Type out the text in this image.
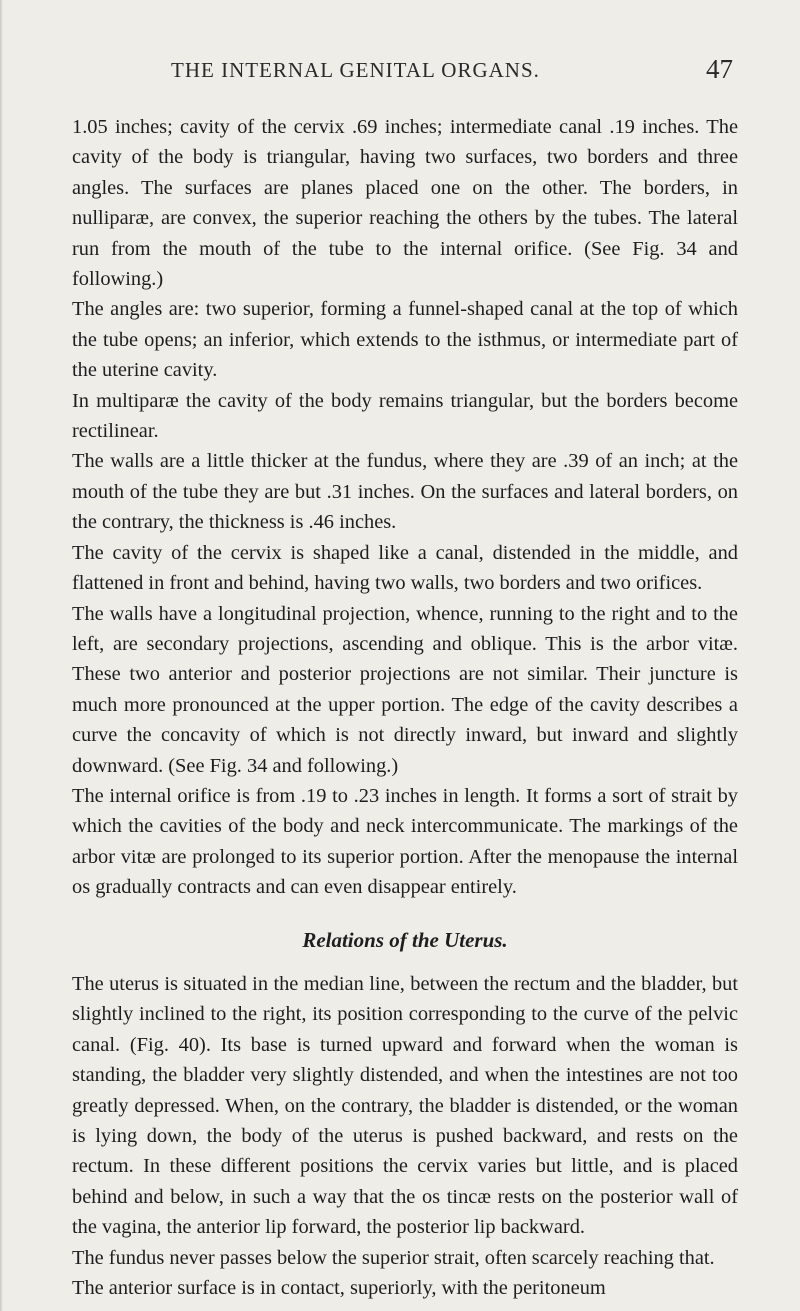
THE INTERNAL GENITAL ORGANS.	47

1.05 inches; cavity of the cervix .69 inches; intermediate canal .19 inches. The cavity of the body is triangular, having two surfaces, two borders and three angles. The surfaces are planes placed one on the other. The borders, in nulliparæ, are convex, the superior reaching the others by the tubes. The lateral run from the mouth of the tube to the internal orifice. (See Fig. 34 and following.)

The angles are: two superior, forming a funnel-shaped canal at the top of which the tube opens; an inferior, which extends to the isthmus, or intermediate part of the uterine cavity.

In multiparæ the cavity of the body remains triangular, but the borders become rectilinear.

The walls are a little thicker at the fundus, where they are .39 of an inch; at the mouth of the tube they are but .31 inches. On the surfaces and lateral borders, on the contrary, the thickness is .46 inches.

The cavity of the cervix is shaped like a canal, distended in the middle, and flattened in front and behind, having two walls, two borders and two orifices.

The walls have a longitudinal projection, whence, running to the right and to the left, are secondary projections, ascending and oblique. This is the arbor vitæ. These two anterior and posterior projections are not similar. Their juncture is much more pronounced at the upper portion. The edge of the cavity describes a curve the concavity of which is not directly inward, but inward and slightly downward. (See Fig. 34 and following.)

The internal orifice is from .19 to .23 inches in length. It forms a sort of strait by which the cavities of the body and neck intercommunicate. The markings of the arbor vitæ are prolonged to its superior portion. After the menopause the internal os gradually contracts and can even disappear entirely.

Relations of the Uterus.

The uterus is situated in the median line, between the rectum and the bladder, but slightly inclined to the right, its position corresponding to the curve of the pelvic canal. (Fig. 40). Its base is turned upward and forward when the woman is standing, the bladder very slightly distended, and when the intestines are not too greatly depressed. When, on the contrary, the bladder is distended, or the woman is lying down, the body of the uterus is pushed backward, and rests on the rectum. In these different positions the cervix varies but little, and is placed behind and below, in such a way that the os tincæ rests on the posterior wall of the vagina, the anterior lip forward, the posterior lip backward.

The fundus never passes below the superior strait, often scarcely reaching that.

The anterior surface is in contact, superiorly, with the peritoneum
